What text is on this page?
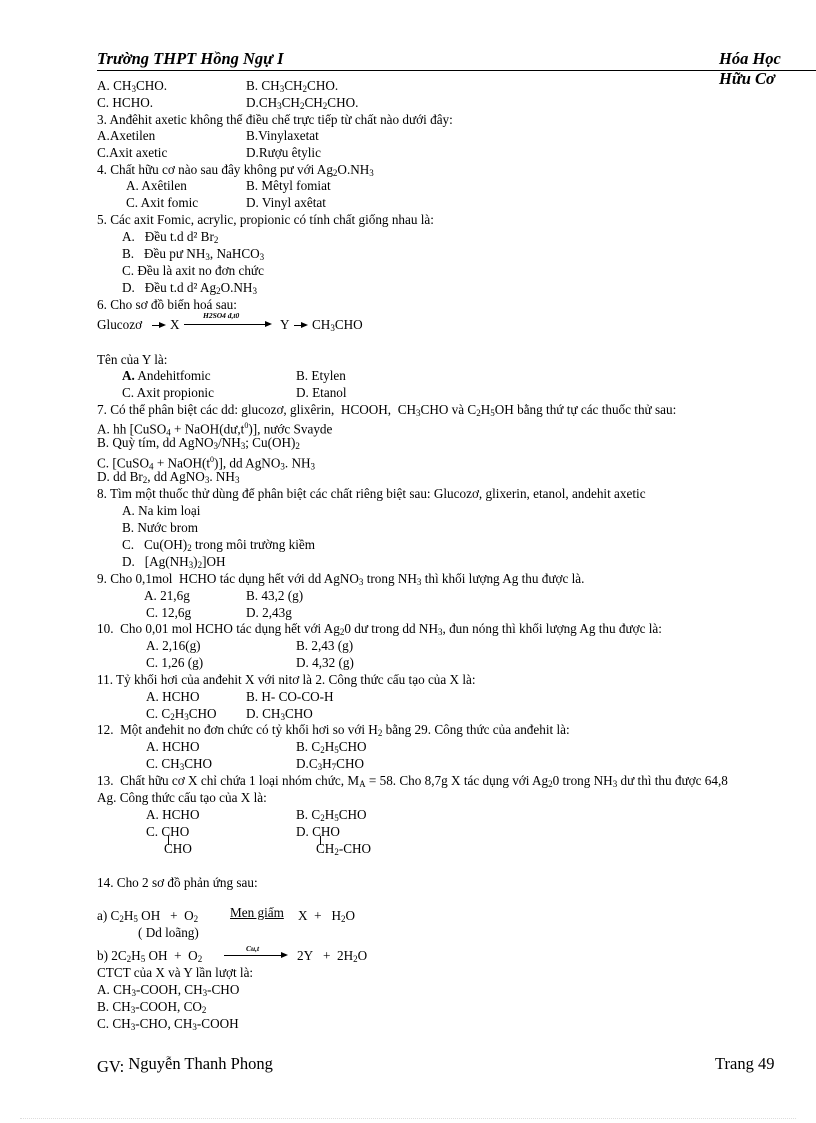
Trường THPT Hồng Ngự I	Hóa Học Hữu Cơ
A. $CH_3CHO$.	B. $CH_3CH_2CHO$.
C. HCHO.	$D.CH_3CH_2CH_2CHO$.
3. Anđêhit axetic không thể điều chế trực tiếp từ chất nào dưới đây:
A.Axetilen	B.Vinylaxetat
C.Axit axetic	D.Rượu êtylic
4. Chất hữu cơ nào sau đây không pư với $Ag_2O.NH_3$
A. Axêtilen	B. Mêtyl fomiat
C. Axit fomic	D. Vinyl axêtat
5. Các axit Fomic, acrylic, propionic có tính chất giống nhau là:
A.   Đều t.d d² $Br_2$
B.   Đều pư $NH_3$, NaHCO$_3$
C. Đều là axit no đơn chức
D.   Đều t.d d² $Ag_2O.NH_3$
6. Cho sơ đồ biến hoá sau:
Glucozơ X
H2SO4 đ,t0
Y $CH_3CHO$
Tên của Y là:
A. Andehitfomic	B. Etylen
C. Axit propionic	D. Etanol
7. Có thể phân biệt các dd: glucozơ, glixêrin,  HCOOH,  $CH_3CHO$ và $C_2H_5OH$ bằng thứ tự các thuốc thử sau:
A. hh [CuSO$_4$ + $NaOH(dư,t^0)$], nước Svayde
B. Quỳ tím, dd $AgNO_3/NH_3$; $Cu(OH)_2$
C. [CuSO$_4$ + $NaOH(t^0)$], dd AgNO$_3$. $NH_3$
D. dd $Br_2$, dd AgNO$_3$. $NH_3$
8. Tìm một thuốc thử dùng để phân biệt các chất riêng biệt sau: Glucozơ, glixerin, etanol, andehit axetic
A. Na kim loại
B. Nước brom
C.   $Cu(OH)_2$ trong môi trường kiềm
D.   $[Ag(NH_3)_2]OH$
9. Cho 0,1mol  HCHO tác dụng hết với dd AgNO$_3$ trong $NH_3$ thì khối lượng Ag thu được là.
A. 21,6g	B. 43,2 (g)
C. 12,6g	D. 2,43g
10.  Cho 0,01 mol HCHO tác dụng hết với $Ag_20$ dư trong dd $NH_3$, đun nóng thì khối lượng Ag thu được là:
A. 2,16(g)	B. 2,43 (g)
C. 1,26 (g)	D. 4,32 (g)
11. Tỷ khối hơi của anđehit X với nitơ là 2. Công thức cấu tạo của X là:
A. HCHO	B. H- CO-CO-H
C. $C_2H_3CHO$ D. $CH_3CHO$
12.  Một anđehit no đơn chức có tỷ khối hơi so với $H_2$ bằng 29. Công thức của anđehit là:
A. HCHO	B. $C_2H_5CHO$
C. $CH_3CHO$	$D.C_3H_7CHO$
13.  Chất hữu cơ X chỉ chứa 1 loại nhóm chức, $M_A = 58$. Cho 8,7g X tác dụng với $Ag_20$ trong $NH_3$ dư thì thu được 64,8
Ag. Công thức cấu tạo của X là:
A. HCHO	B. $C_2H_5CHO$
C. CHO
CHO
D. CHO
$CH_2$-CHO
14. Cho 2 sơ đồ phản ứng sau:
a) $C_2H_5$ OH   +  $O_2$ Men giấm $X + H_2O$
( Dd loãng)
b) $2C_2H_5$ OH  +  $O_2$
Cu,t	$2Y + 2H_2O$
CTCT của X và Y lần lượt là:
A. $CH_3$-COOH, $CH_3$-CHO
B. $CH_3$-COOH, $CO_2$
C. $CH_3$-CHO, $CH_3$-COOH
GV: Nguyễn Thanh Phong	Trang 49
